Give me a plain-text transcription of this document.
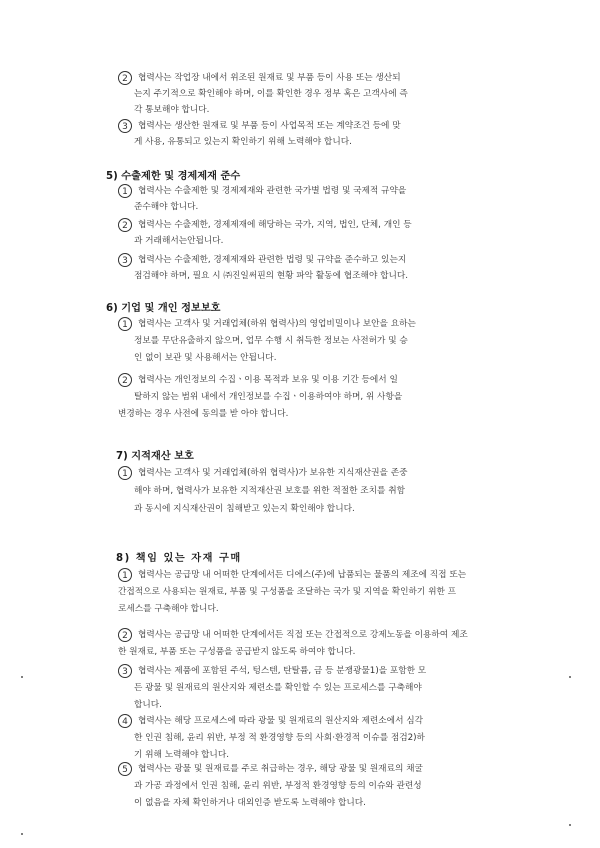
2	협력사는 작업장 내에서 위조된 원재료 및 부품 등이 사용 또는 생산되
는지 주기적으로 확인해야 하며, 이를 확인한 경우 정부 혹은 고객사에 즉
각 통보해야 합니다.
3	협력사는 생산한 원재료 및 부품 등이 사업목적 또는 계약조건 등에 맞
게 사용, 유통되고 있는지 확인하기 위해 노력해야 합니다.
5) 수출제한 및 경제제재 준수
1	협력사는 수출제한 및 경제제재와 관련한 국가별 법령 및 국제적 규약을
준수해야 합니다.
2	협력사는 수출제한, 경제제재에 해당하는 국가, 지역, 법인, 단체, 개인 등
과 거래해서는안됩니다.
3	협력사는 수출제한, 경제제재와 관련한 법령 및 규약을 준수하고 있는지
점검해야 하며, 필요 시 ㈜진일써핀의 현황 파악 활동에 협조해야 합니다.
6) 기업 및 개인 정보보호
1	협력사는 고객사 및 거래업체(하위 협력사)의 영업비밀이나 보안을 요하는
정보를 무단유출하지 않으며, 업무 수행 시 취득한 정보는 사전허가 및 승
인 없이 보관 및 사용해서는 안됩니다.
2	협력사는 개인정보의 수집ㆍ이용 목적과 보유 및 이용 기간 등에서 일
탈하지 않는 범위 내에서 개인정보를 수집ㆍ이용하여야 하며, 위 사항을
변경하는 경우 사전에 동의를 받 아야 합니다.
7) 지적재산 보호
1	협력사는 고객사 및 거래업체(하위 협력사)가 보유한 지식재산권을 존중
해야 하며, 협력사가 보유한 지적재산권 보호를 위한 적절한 조치를 취함
과 동시에 지식재산권이 침해받고 있는지 확인해야 합니다.
8) 책임 있는 자재 구매
1	협력사는 공급망 내 어떠한 단계에서든 디에스(주)에 납품되는 물품의 제조에 직접 또는
간접적으로 사용되는 원재료, 부품 및 구성품을 조달하는 국가 및 지역을 확인하기 위한 프
로세스를 구축해야 합니다.
2	협력사는 공급망 내 어떠한 단계에서든 직접 또는 간접적으로 강제노동을 이용하여 제조
한 원재료, 부품 또는 구성품을 공급받지 않도록 하여야 합니다.
3	협력사는 제품에 포함된 주석, 텅스텐, 탄탈륨, 금 등 분쟁광물1)을 포함한 모
든 광물 및 원재료의 원산지와 제련소를 확인할 수 있는 프로세스를 구축해야
합니다.
4	협력사는 해당 프로세스에 따라 광물 및 원재료의 원산지와 제련소에서 심각
한 인권 침해, 윤리 위반, 부정 적 환경영향 등의 사회·환경적 이슈를 점검2)하
기 위해 노력해야 합니다.
5	협력사는 광물 및 원재료를 주로 취급하는 경우, 해당 광물 및 원재료의 채굴
과 가공 과정에서 인권 침해, 윤리 위반, 부정적 환경영향 등의 이슈와 관련성
이 없음을 자체 확인하거나 대외인증 받도록 노력해야 합니다.
